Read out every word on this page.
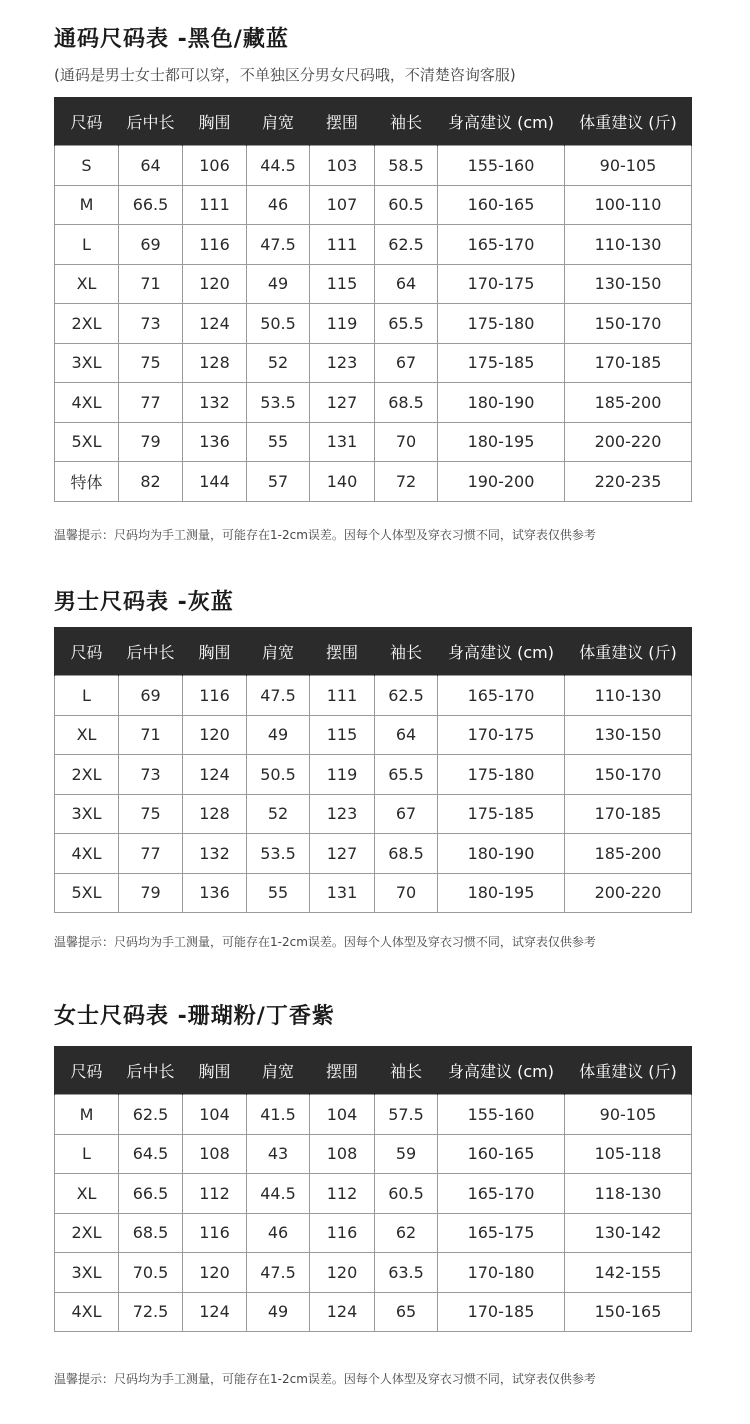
通码尺码表 -黑色/藏蓝
(通码是男士女士都可以穿，不单独区分男女尺码哦，不清楚咨询客服)
尺码	后中长	胸围	肩宽	摆围	袖长	身高建议 (cm)	体重建议 (斤)
S	64	106	44.5	103	58.5	155-160	90-105
M	66.5	111	46	107	60.5	160-165	100-110
L	69	116	47.5	111	62.5	165-170	110-130
XL	71	120	49	115	64	170-175	130-150
2XL	73	124	50.5	119	65.5	175-180	150-170
3XL	75	128	52	123	67	175-185	170-185
4XL	77	132	53.5	127	68.5	180-190	185-200
5XL	79	136	55	131	70	180-195	200-220
特体	82	144	57	140	72	190-200	220-235
温馨提示：尺码均为手工测量，可能存在1-2cm误差。因每个人体型及穿衣习惯不同，试穿表仅供参考
男士尺码表 -灰蓝
尺码	后中长	胸围	肩宽	摆围	袖长	身高建议 (cm)	体重建议 (斤)
L	69	116	47.5	111	62.5	165-170	110-130
XL	71	120	49	115	64	170-175	130-150
2XL	73	124	50.5	119	65.5	175-180	150-170
3XL	75	128	52	123	67	175-185	170-185
4XL	77	132	53.5	127	68.5	180-190	185-200
5XL	79	136	55	131	70	180-195	200-220
温馨提示：尺码均为手工测量，可能存在1-2cm误差。因每个人体型及穿衣习惯不同，试穿表仅供参考
女士尺码表 -珊瑚粉/丁香紫
尺码	后中长	胸围	肩宽	摆围	袖长	身高建议 (cm)	体重建议 (斤)
M	62.5	104	41.5	104	57.5	155-160	90-105
L	64.5	108	43	108	59	160-165	105-118
XL	66.5	112	44.5	112	60.5	165-170	118-130
2XL	68.5	116	46	116	62	165-175	130-142
3XL	70.5	120	47.5	120	63.5	170-180	142-155
4XL	72.5	124	49	124	65	170-185	150-165
温馨提示：尺码均为手工测量，可能存在1-2cm误差。因每个人体型及穿衣习惯不同，试穿表仅供参考
